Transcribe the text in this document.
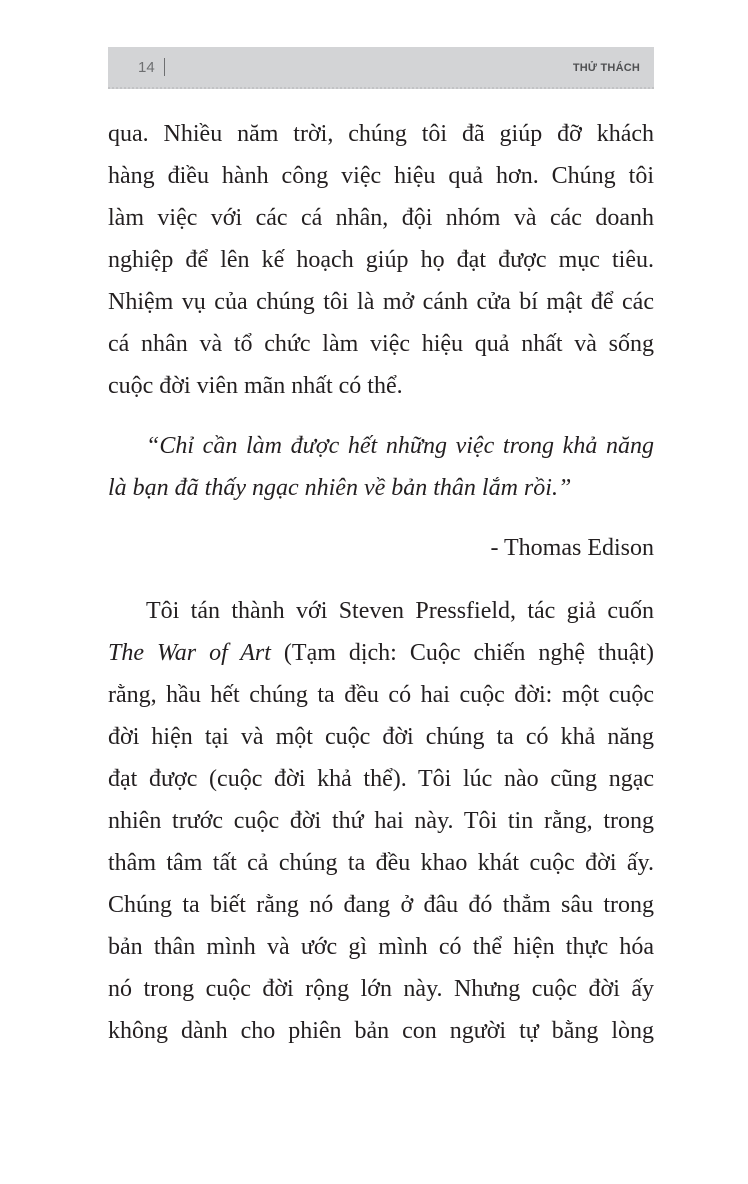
14	THỬ THÁCH
qua. Nhiều năm trời, chúng tôi đã giúp đỡ khách
hàng điều hành công việc hiệu quả hơn. Chúng tôi
làm việc với các cá nhân, đội nhóm và các doanh
nghiệp để lên kế hoạch giúp họ đạt được mục tiêu.
Nhiệm vụ của chúng tôi là mở cánh cửa bí mật để các
cá nhân và tổ chức làm việc hiệu quả nhất và sống
cuộc đời viên mãn nhất có thể.
“Chỉ cần làm được hết những việc trong khả năng
là bạn đã thấy ngạc nhiên về bản thân lắm rồi.”
- Thomas Edison
Tôi tán thành với Steven Pressfield, tác giả cuốn
The War of Art (Tạm dịch: Cuộc chiến nghệ thuật)
rằng, hầu hết chúng ta đều có hai cuộc đời: một cuộc
đời hiện tại và một cuộc đời chúng ta có khả năng
đạt được (cuộc đời khả thể). Tôi lúc nào cũng ngạc
nhiên trước cuộc đời thứ hai này. Tôi tin rằng, trong
thâm tâm tất cả chúng ta đều khao khát cuộc đời ấy.
Chúng ta biết rằng nó đang ở đâu đó thẳm sâu trong
bản thân mình và ước gì mình có thể hiện thực hóa
nó trong cuộc đời rộng lớn này. Nhưng cuộc đời ấy
không dành cho phiên bản con người tự bằng lòng
